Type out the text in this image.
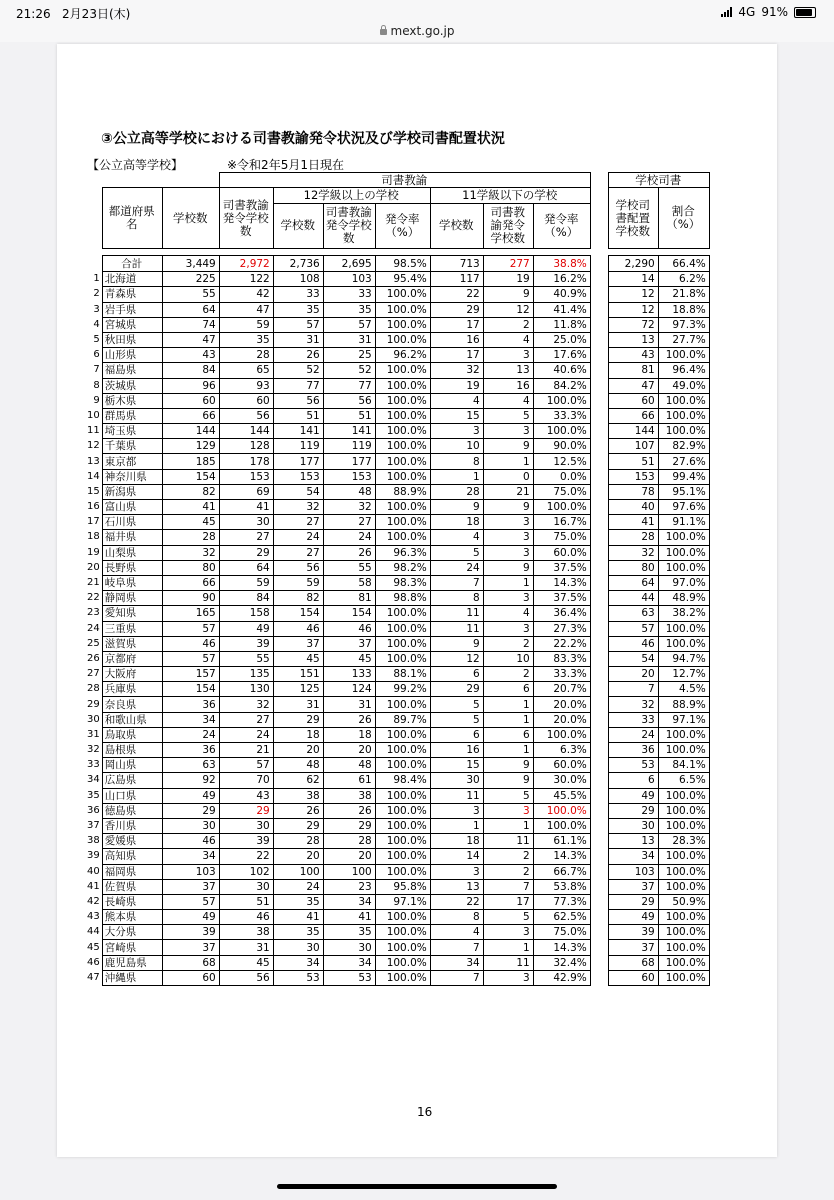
21:26 2月23日(木)	4G 91%
mext.go.jp
③公立高等学校における司書教諭発令状況及び学校司書配置状況
【公立高等学校】	※令和2年5月1日現在
			司書教諭								学校司書	
	都道府県名	学校数	司書教諭発令学校数	12学級以上の学校			11学級以下の学校				学校司書配置学校数	割合（%）
				学校数	司書教諭発令学校数	発令率（%）	学校数	司書教諭発令学校数	発令率（%）			

	合計	3,449	2,972	2,736	2,695	98.5%	713	277	38.8%		2,290	66.4%
1	北海道	225	122	108	103	95.4%	117	19	16.2%		14	6.2%
2	青森県	55	42	33	33	100.0%	22	9	40.9%		12	21.8%
3	岩手県	64	47	35	35	100.0%	29	12	41.4%		12	18.8%
4	宮城県	74	59	57	57	100.0%	17	2	11.8%		72	97.3%
5	秋田県	47	35	31	31	100.0%	16	4	25.0%		13	27.7%
6	山形県	43	28	26	25	96.2%	17	3	17.6%		43	100.0%
7	福島県	84	65	52	52	100.0%	32	13	40.6%		81	96.4%
8	茨城県	96	93	77	77	100.0%	19	16	84.2%		47	49.0%
9	栃木県	60	60	56	56	100.0%	4	4	100.0%		60	100.0%
10	群馬県	66	56	51	51	100.0%	15	5	33.3%		66	100.0%
11	埼玉県	144	144	141	141	100.0%	3	3	100.0%		144	100.0%
12	千葉県	129	128	119	119	100.0%	10	9	90.0%		107	82.9%
13	東京都	185	178	177	177	100.0%	8	1	12.5%		51	27.6%
14	神奈川県	154	153	153	153	100.0%	1	0	0.0%		153	99.4%
15	新潟県	82	69	54	48	88.9%	28	21	75.0%		78	95.1%
16	富山県	41	41	32	32	100.0%	9	9	100.0%		40	97.6%
17	石川県	45	30	27	27	100.0%	18	3	16.7%		41	91.1%
18	福井県	28	27	24	24	100.0%	4	3	75.0%		28	100.0%
19	山梨県	32	29	27	26	96.3%	5	3	60.0%		32	100.0%
20	長野県	80	64	56	55	98.2%	24	9	37.5%		80	100.0%
21	岐阜県	66	59	59	58	98.3%	7	1	14.3%		64	97.0%
22	静岡県	90	84	82	81	98.8%	8	3	37.5%		44	48.9%
23	愛知県	165	158	154	154	100.0%	11	4	36.4%		63	38.2%
24	三重県	57	49	46	46	100.0%	11	3	27.3%		57	100.0%
25	滋賀県	46	39	37	37	100.0%	9	2	22.2%		46	100.0%
26	京都府	57	55	45	45	100.0%	12	10	83.3%		54	94.7%
27	大阪府	157	135	151	133	88.1%	6	2	33.3%		20	12.7%
28	兵庫県	154	130	125	124	99.2%	29	6	20.7%		7	4.5%
29	奈良県	36	32	31	31	100.0%	5	1	20.0%		32	88.9%
30	和歌山県	34	27	29	26	89.7%	5	1	20.0%		33	97.1%
31	鳥取県	24	24	18	18	100.0%	6	6	100.0%		24	100.0%
32	島根県	36	21	20	20	100.0%	16	1	6.3%		36	100.0%
33	岡山県	63	57	48	48	100.0%	15	9	60.0%		53	84.1%
34	広島県	92	70	62	61	98.4%	30	9	30.0%		6	6.5%
35	山口県	49	43	38	38	100.0%	11	5	45.5%		49	100.0%
36	徳島県	29	29	26	26	100.0%	3	3	100.0%		29	100.0%
37	香川県	30	30	29	29	100.0%	1	1	100.0%		30	100.0%
38	愛媛県	46	39	28	28	100.0%	18	11	61.1%		13	28.3%
39	高知県	34	22	20	20	100.0%	14	2	14.3%		34	100.0%
40	福岡県	103	102	100	100	100.0%	3	2	66.7%		103	100.0%
41	佐賀県	37	30	24	23	95.8%	13	7	53.8%		37	100.0%
42	長崎県	57	51	35	34	97.1%	22	17	77.3%		29	50.9%
43	熊本県	49	46	41	41	100.0%	8	5	62.5%		49	100.0%
44	大分県	39	38	35	35	100.0%	4	3	75.0%		39	100.0%
45	宮崎県	37	31	30	30	100.0%	7	1	14.3%		37	100.0%
46	鹿児島県	68	45	34	34	100.0%	34	11	32.4%		68	100.0%
47	沖縄県	60	56	53	53	100.0%	7	3	42.9%		60	100.0%
16
